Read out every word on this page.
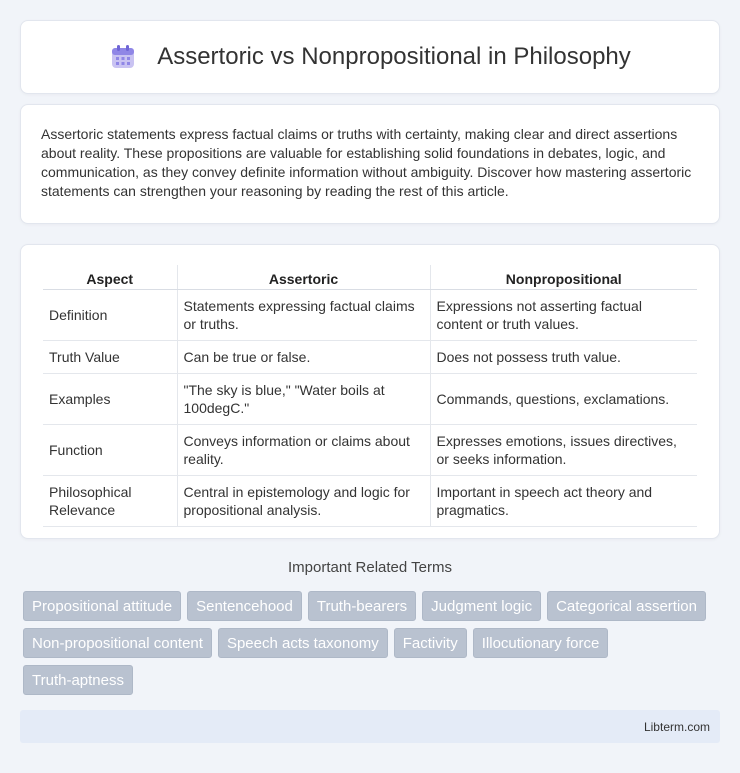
Assertoric vs Nonpropositional in Philosophy

Assertoric statements express factual claims or truths with certainty, making clear and direct assertions about reality. These propositions are valuable for establishing solid foundations in debates, logic, and communication, as they convey definite information without ambiguity. Discover how mastering assertoric statements can strengthen your reasoning by reading the rest of this article.

Aspect	Assertoric	Nonpropositional
Definition	Statements expressing factual claims or truths.	Expressions not asserting factual content or truth values.
Truth Value	Can be true or false.	Does not possess truth value.
Examples	"The sky is blue," "Water boils at 100degC."	Commands, questions, exclamations.
Function	Conveys information or claims about reality.	Expresses emotions, issues directives, or seeks information.
Philosophical Relevance	Central in epistemology and logic for propositional analysis.	Important in speech act theory and pragmatics.
Important Related Terms
Propositional attitude	Sentencehood	Truth-bearers	Judgment logic	Categorical assertion
Non-propositional content	Speech acts taxonomy	Factivity	Illocutionary force
Truth-aptness
Libterm.com
